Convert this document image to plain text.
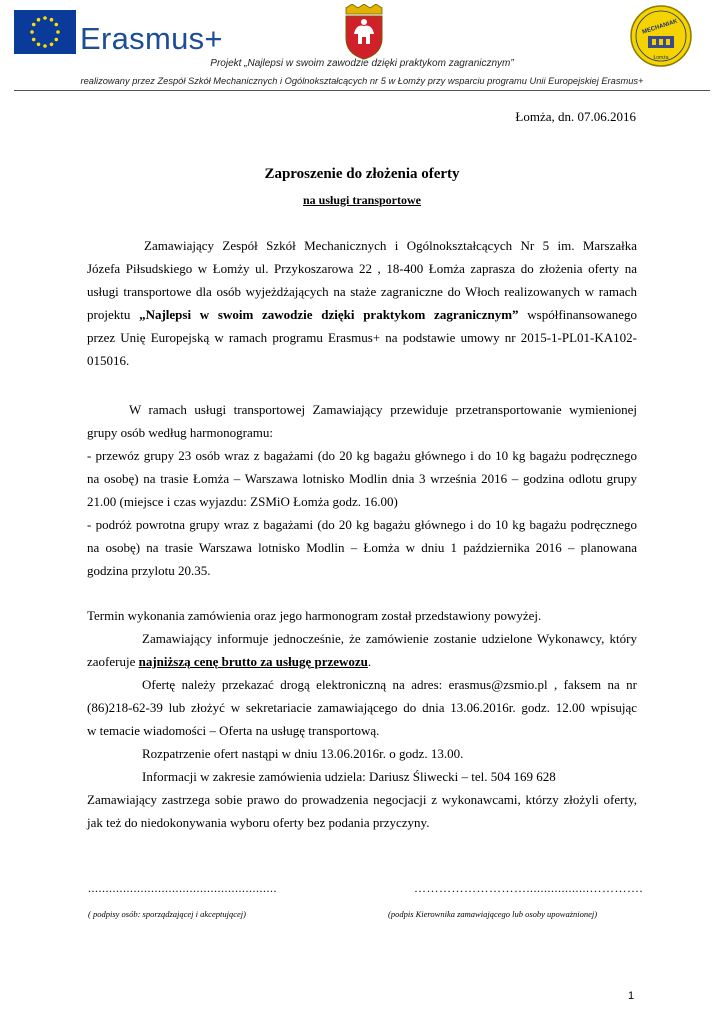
Erasmus+	MECHANIAK
Łomża
Projekt „Najlepsi w swoim zawodzie dzięki praktykom zagranicznym”
realizowany przez Zespół Szkół Mechanicznych i Ogólnokształcących nr 5 w Łomży przy wsparciu programu Unii Europejskiej Erasmus+
Łomża, dn. 07.06.2016
Zaproszenie do złożenia oferty
na usługi transportowe

Zamawiający Zespół Szkół Mechanicznych i Ogólnokształcących Nr 5 im. Marszałka

Józefa Piłsudskiego w Łomży ul. Przykoszarowa 22 , 18-400 Łomża zaprasza do złożenia oferty na

usługi transportowe dla osób wyjeżdżających na staże zagraniczne do Włoch realizowanych w ramach

projektu „Najlepsi w swoim zawodzie dzięki praktykom zagranicznym” współfinansowanego

przez Unię Europejską w ramach programu Erasmus+ na podstawie umowy nr 2015-1-PL01-KA102-

015016.

W ramach usługi transportowej Zamawiający przewiduje przetransportowanie wymienionej

grupy osób według harmonogramu:

- przewóz grupy 23 osób wraz z bagażami (do 20 kg bagażu głównego i do 10 kg bagażu podręcznego

na osobę) na trasie Łomża – Warszawa lotnisko Modlin dnia 3 września 2016 – godzina odlotu grupy

21.00 (miejsce i czas wyjazdu: ZSMiO Łomża godz. 16.00)

- podróż powrotna grupy wraz z bagażami (do 20 kg bagażu głównego i do 10 kg bagażu podręcznego

na osobę) na trasie Warszawa lotnisko Modlin – Łomża w dniu 1 października 2016 – planowana

godzina przylotu 20.35.

Termin wykonania zamówienia oraz jego harmonogram został przedstawiony powyżej.

Zamawiający informuje jednocześnie, że zamówienie zostanie udzielone Wykonawcy, który

zaoferuje najniższą cenę brutto za usługę przewozu.

Ofertę należy przekazać drogą elektroniczną na adres: erasmus@zsmio.pl , faksem na nr

(86)218-62-39 lub złożyć w sekretariacie zamawiającego do dnia 13.06.2016r. godz. 12.00 wpisując

w temacie wiadomości – Oferta na usługę transportową.

Rozpatrzenie ofert nastąpi w dniu 13.06.2016r. o godz. 13.00.

Informacji w zakresie zamówienia udziela: Dariusz Śliwecki – tel. 504 169 628

Zamawiający zastrzega sobie prawo do prowadzenia negocjacji z wykonawcami, którzy złożyli oferty,

jak też do niedokonywania wyboru oferty bez podania przyczyny.

......................................................	………………………..................………….
( podpisy osób: sporządzającej i akceptującej)	(podpis Kierownika zamawiającego lub osoby upoważnionej)
1
